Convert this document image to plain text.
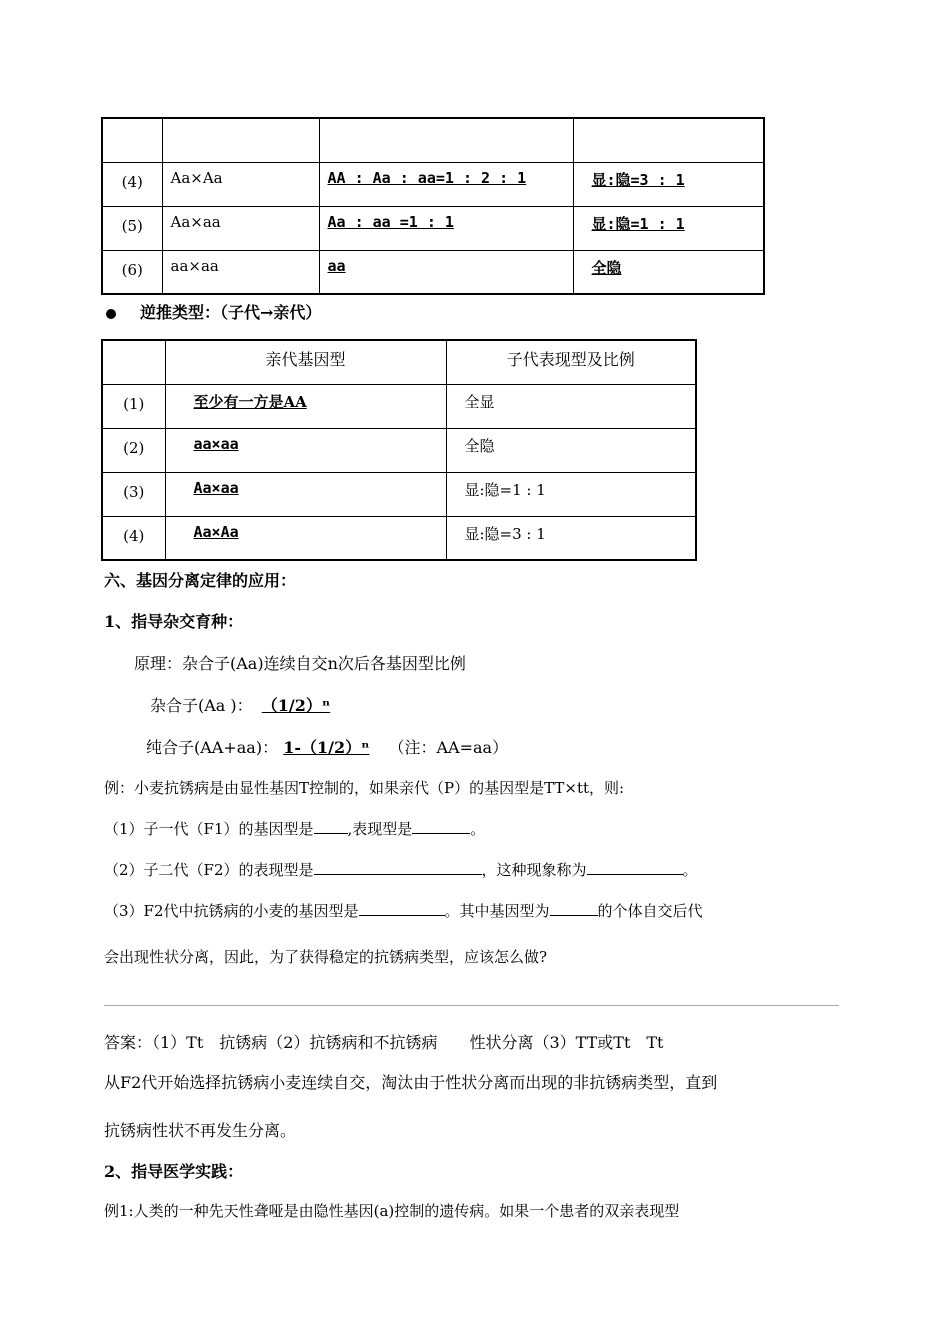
(4)	Aa×Aa	AA : Aa : aa=1 : 2 : 1	显:隐=3 : 1
(5)	Aa×aa	Aa : aa =1 : 1	显:隐=1 : 1
(6)	aa×aa	aa	全隐
逆推类型：（子代→亲代）
	亲代基因型	子代表现型及比例
(1)	至少有一方是AA	全显
(2)	aa×aa	全隐
(3)	Aa×aa	显:隐=1 : 1
(4)	Aa×Aa	显:隐=3 : 1
六、基因分离定律的应用：
1、指导杂交育种：
原理：杂合子(Aa)连续自交n次后各基因型比例
杂合子(Aa )： （1/2）ⁿ
纯合子(AA+aa)： 1-（1/2）ⁿ （注：AA=aa）
例：小麦抗锈病是由显性基因T控制的，如果亲代（P）的基因型是TT×tt，则:
（1）子一代（F1）的基因型是 ,表现型是	。
（2）子二代（F2）的表现型是	，这种现象称为	。
（3）F2代中抗锈病的小麦的基因型是	。其中基因型为	的个体自交后代
会出现性状分离，因此，为了获得稳定的抗锈病类型，应该怎么做?
答案：（1）Tt　抗锈病（2）抗锈病和不抗锈病　　性状分离（3）TT或Tt　Tt
从F2代开始选择抗锈病小麦连续自交，淘汰由于性状分离而出现的非抗锈病类型，直到
抗锈病性状不再发生分离。
2、指导医学实践：
例1:人类的一种先天性聋哑是由隐性基因(a)控制的遗传病。如果一个患者的双亲表现型
